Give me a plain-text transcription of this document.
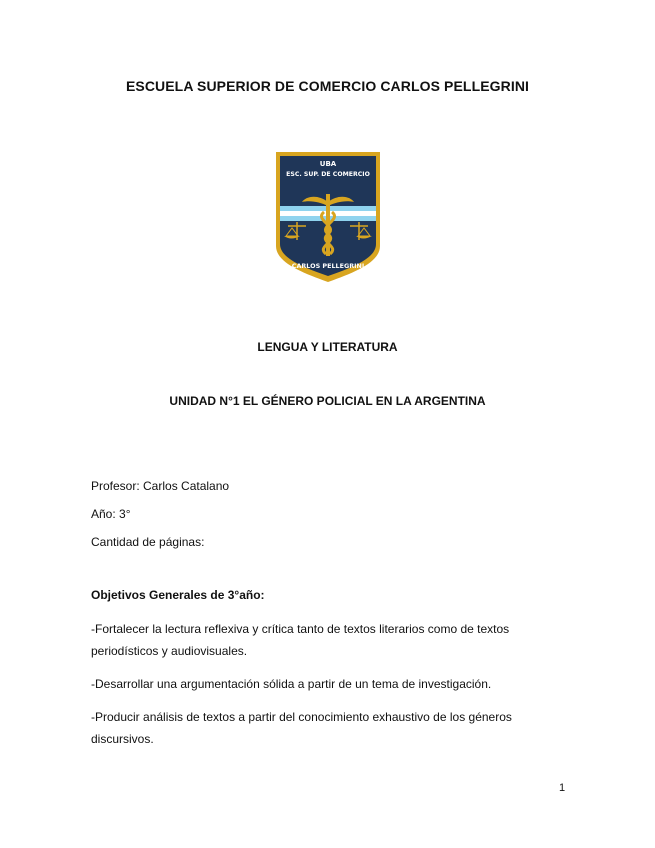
ESCUELA SUPERIOR DE COMERCIO CARLOS PELLEGRINI
UBA
ESC. SUP. DE COMERCIO
CARLOS PELLEGRINI
LENGUA Y LITERATURA
UNIDAD N°1 EL GÉNERO POLICIAL EN LA ARGENTINA
Profesor: Carlos Catalano
Año: 3°
Cantidad de páginas:
Objetivos Generales de 3°año:
-Fortalecer la lectura reflexiva y crítica tanto de textos literarios como de textos periodísticos y audiovisuales.
-Desarrollar una argumentación sólida a partir de un tema de investigación.
-Producir análisis de textos a partir del conocimiento exhaustivo de los géneros discursivos.
1
